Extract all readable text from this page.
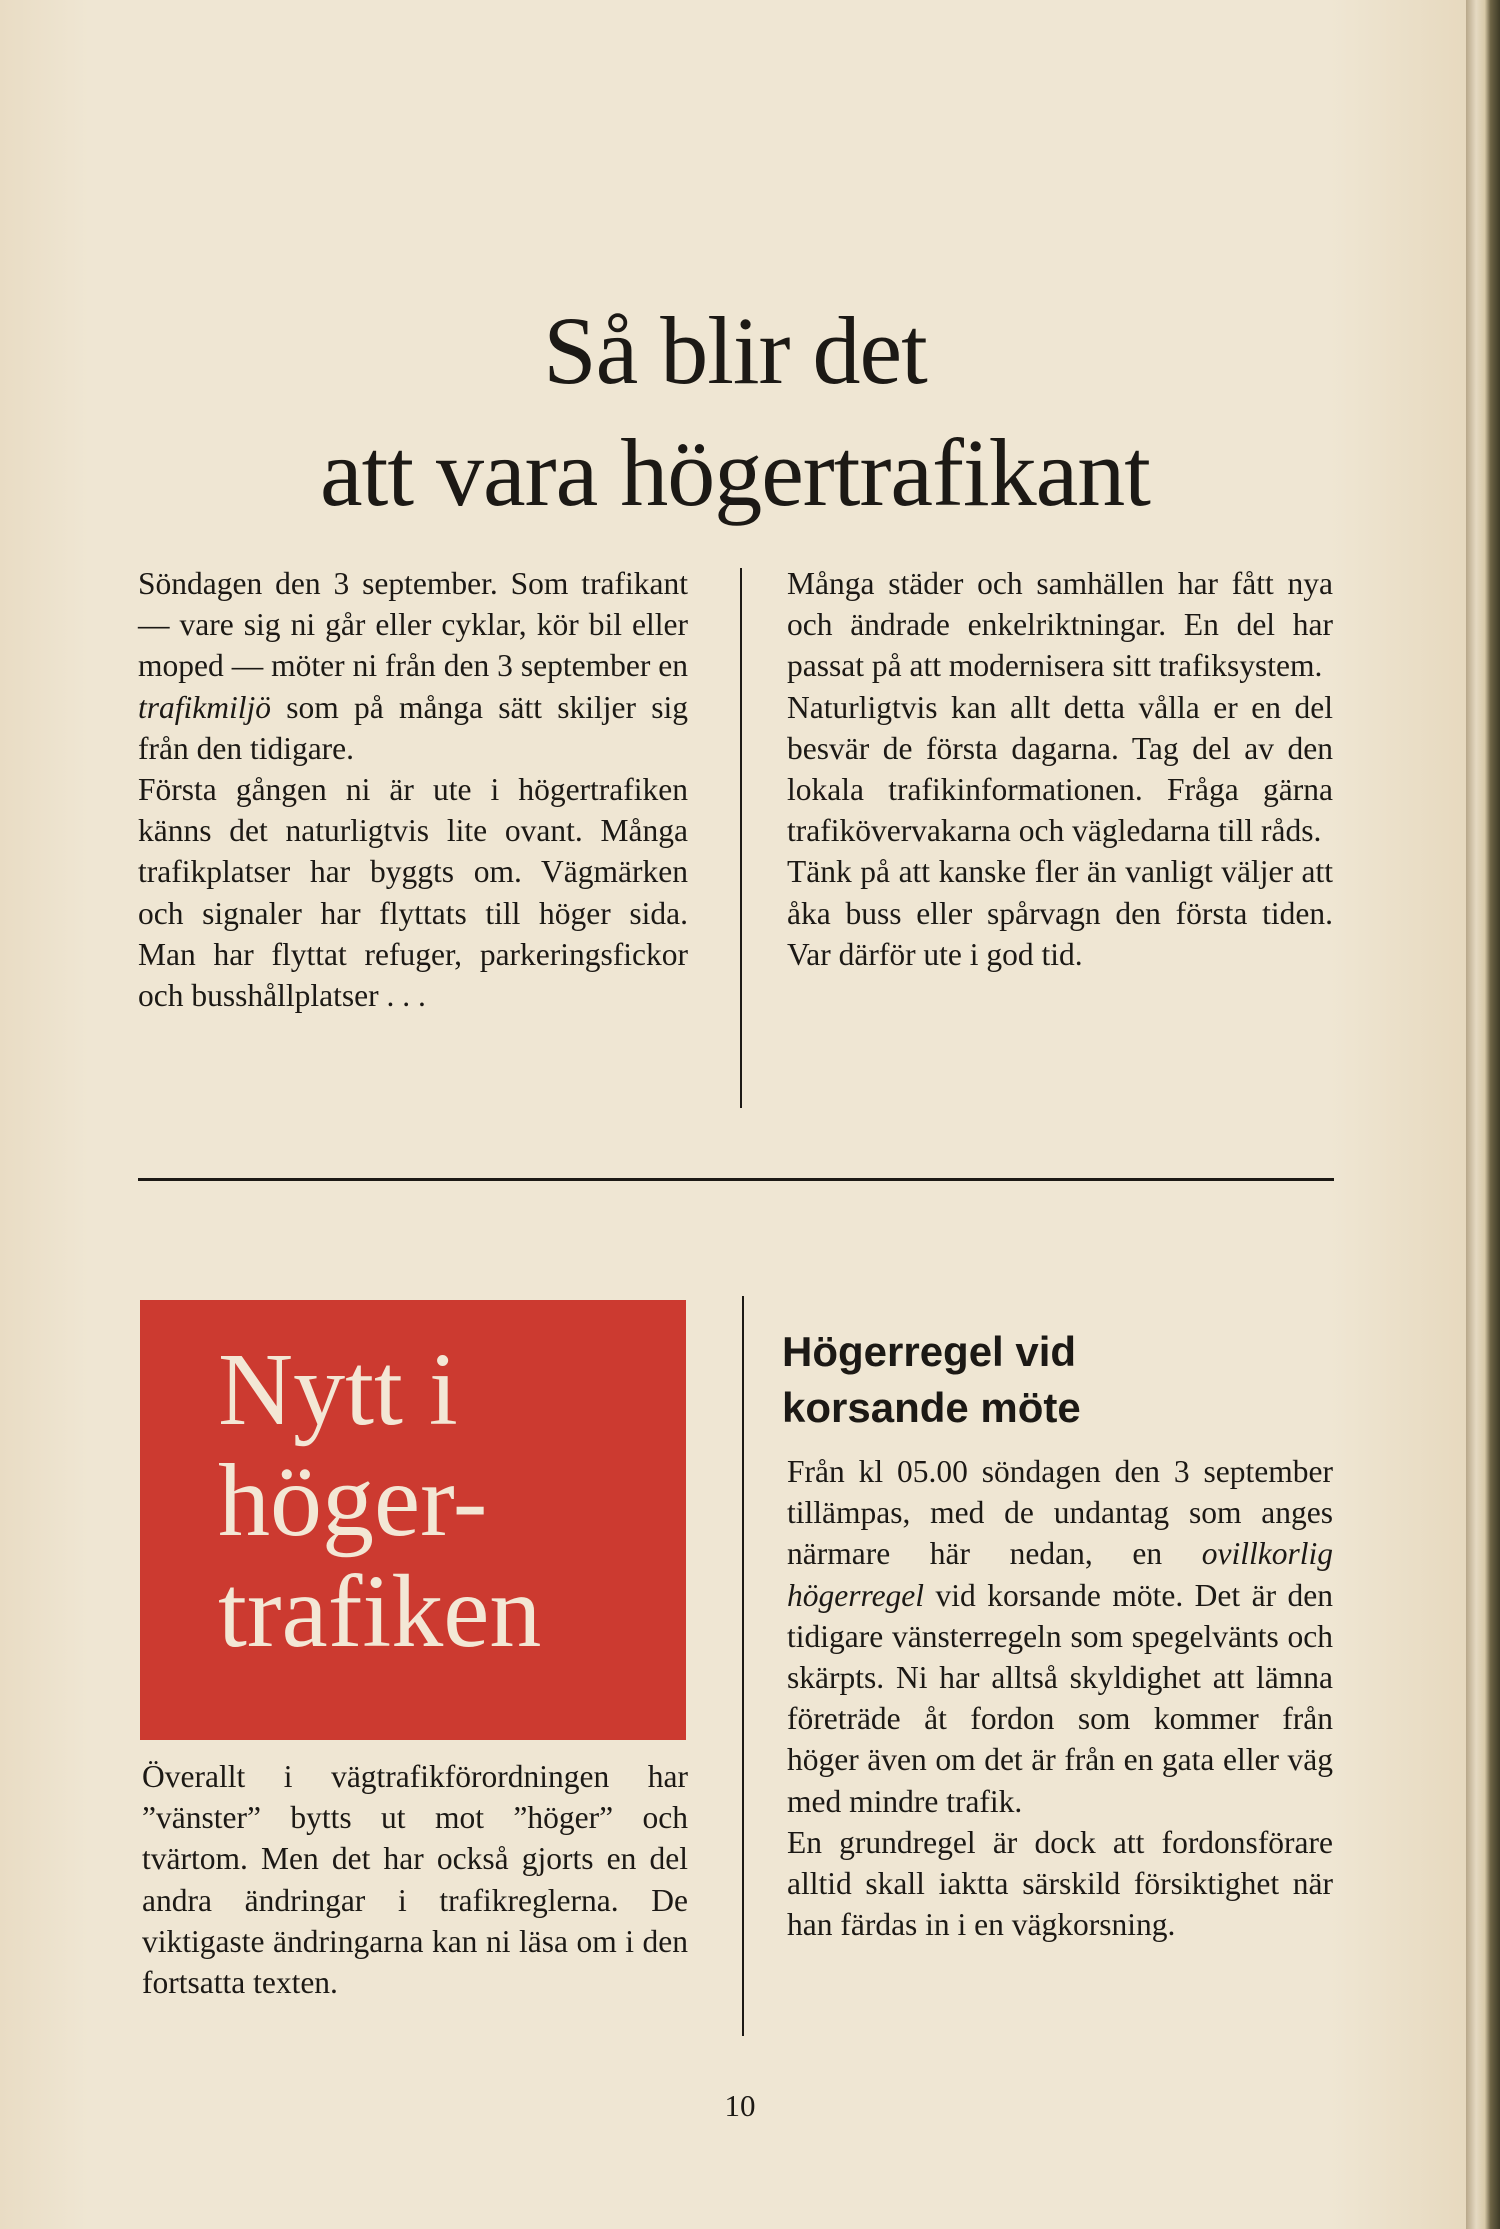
Så blir det
att vara högertrafikant

Söndagen den 3 september. Som trafikant — vare sig ni går eller cyklar, kör bil eller moped — möter ni från den 3 september en trafikmiljö som på många sätt skiljer sig från den tidigare.

Första gången ni är ute i högertrafiken känns det naturligtvis lite ovant. Många trafikplatser har byggts om. Vägmärken och signaler har flyttats till höger sida. Man har flyttat refuger, parkeringsfickor och busshållplatser . . .

Många städer och samhällen har fått nya och ändrade enkelriktningar. En del har passat på att modernisera sitt trafiksystem.

Naturligtvis kan allt detta vålla er en del besvär de första dagarna. Tag del av den lokala trafikinformationen. Fråga gärna trafikövervakarna och vägledarna till råds.

Tänk på att kanske fler än vanligt väljer att åka buss eller spårvagn den första tiden. Var därför ute i god tid.

Nytt i
höger-
trafiken

Överallt i vägtrafikförordningen har ”vänster” bytts ut mot ”höger” och tvärtom. Men det har också gjorts en del andra ändringar i trafikreglerna. De viktigaste ändringarna kan ni läsa om i den fortsatta texten.

Högerregel vid
korsande möte

Från kl 05.00 söndagen den 3 september tillämpas, med de undantag som anges närmare här nedan, en ovillkorlig högerregel vid korsande möte. Det är den tidigare vänsterregeln som spegelvänts och skärpts. Ni har alltså skyldighet att lämna företräde åt fordon som kommer från höger även om det är från en gata eller väg med mindre trafik.

En grundregel är dock att fordonsförare alltid skall iaktta särskild försiktighet när han färdas in i en vägkorsning.

10
